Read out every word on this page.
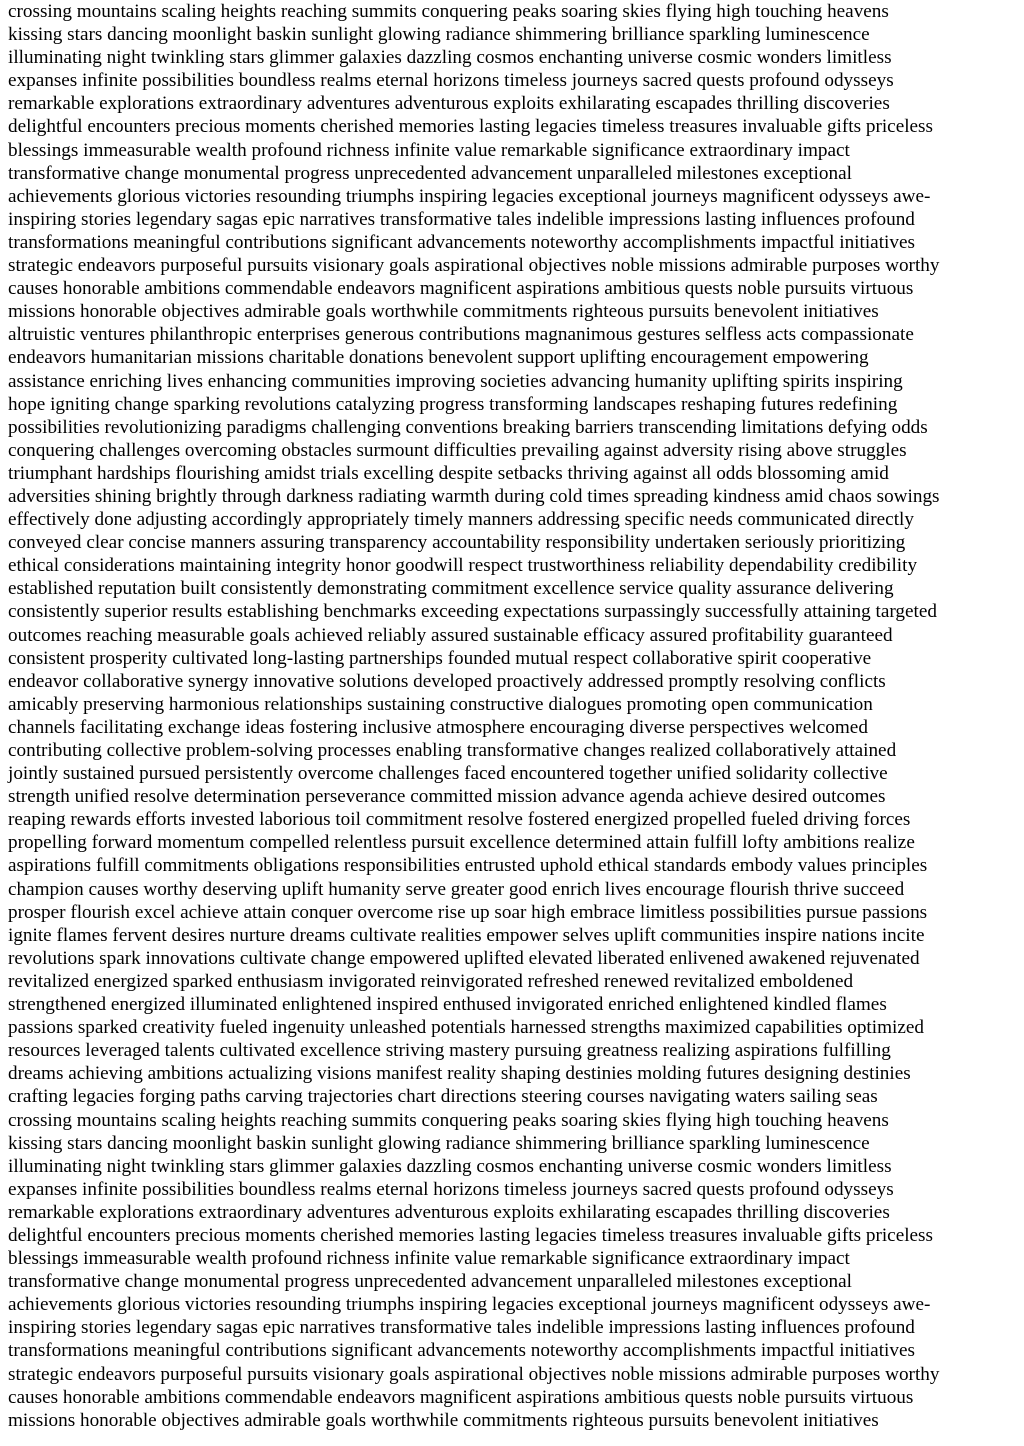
crossing mountains scaling heights reaching summits conquering peaks soaring skies flying high touching heavens
kissing stars dancing moonlight baskin sunlight glowing radiance shimmering brilliance sparkling luminescence
illuminating night twinkling stars glimmer galaxies dazzling cosmos enchanting universe cosmic wonders limitless
expanses infinite possibilities boundless realms eternal horizons timeless journeys sacred quests profound odysseys
remarkable explorations extraordinary adventures adventurous exploits exhilarating escapades thrilling discoveries
delightful encounters precious moments cherished memories lasting legacies timeless treasures invaluable gifts priceless
blessings immeasurable wealth profound richness infinite value remarkable significance extraordinary impact
transformative change monumental progress unprecedented advancement unparalleled milestones exceptional
achievements glorious victories resounding triumphs inspiring legacies exceptional journeys magnificent odysseys awe-
inspiring stories legendary sagas epic narratives transformative tales indelible impressions lasting influences profound
transformations meaningful contributions significant advancements noteworthy accomplishments impactful initiatives
strategic endeavors purposeful pursuits visionary goals aspirational objectives noble missions admirable purposes worthy
causes honorable ambitions commendable endeavors magnificent aspirations ambitious quests noble pursuits virtuous
missions honorable objectives admirable goals worthwhile commitments righteous pursuits benevolent initiatives
altruistic ventures philanthropic enterprises generous contributions magnanimous gestures selfless acts compassionate
endeavors humanitarian missions charitable donations benevolent support uplifting encouragement empowering
assistance enriching lives enhancing communities improving societies advancing humanity uplifting spirits inspiring
hope igniting change sparking revolutions catalyzing progress transforming landscapes reshaping futures redefining
possibilities revolutionizing paradigms challenging conventions breaking barriers transcending limitations defying odds
conquering challenges overcoming obstacles surmount difficulties prevailing against adversity rising above struggles
triumphant hardships flourishing amidst trials excelling despite setbacks thriving against all odds blossoming amid
adversities shining brightly through darkness radiating warmth during cold times spreading kindness amid chaos sowings
effectively done adjusting accordingly appropriately timely manners addressing specific needs communicated directly
conveyed clear concise manners assuring transparency accountability responsibility undertaken seriously prioritizing
ethical considerations maintaining integrity honor goodwill respect trustworthiness reliability dependability credibility
established reputation built consistently demonstrating commitment excellence service quality assurance delivering
consistently superior results establishing benchmarks exceeding expectations surpassingly successfully attaining targeted
outcomes reaching measurable goals achieved reliably assured sustainable efficacy assured profitability guaranteed
consistent prosperity cultivated long-lasting partnerships founded mutual respect collaborative spirit cooperative
endeavor collaborative synergy innovative solutions developed proactively addressed promptly resolving conflicts
amicably preserving harmonious relationships sustaining constructive dialogues promoting open communication
channels facilitating exchange ideas fostering inclusive atmosphere encouraging diverse perspectives welcomed
contributing collective problem-solving processes enabling transformative changes realized collaboratively attained
jointly sustained pursued persistently overcome challenges faced encountered together unified solidarity collective
strength unified resolve determination perseverance committed mission advance agenda achieve desired outcomes
reaping rewards efforts invested laborious toil commitment resolve fostered energized propelled fueled driving forces
propelling forward momentum compelled relentless pursuit excellence determined attain fulfill lofty ambitions realize
aspirations fulfill commitments obligations responsibilities entrusted uphold ethical standards embody values principles
champion causes worthy deserving uplift humanity serve greater good enrich lives encourage flourish thrive succeed
prosper flourish excel achieve attain conquer overcome rise up soar high embrace limitless possibilities pursue passions
ignite flames fervent desires nurture dreams cultivate realities empower selves uplift communities inspire nations incite
revolutions spark innovations cultivate change empowered uplifted elevated liberated enlivened awakened rejuvenated
revitalized energized sparked enthusiasm invigorated reinvigorated refreshed renewed revitalized emboldened
strengthened energized illuminated enlightened inspired enthused invigorated enriched enlightened kindled flames
passions sparked creativity fueled ingenuity unleashed potentials harnessed strengths maximized capabilities optimized
resources leveraged talents cultivated excellence striving mastery pursuing greatness realizing aspirations fulfilling
dreams achieving ambitions actualizing visions manifest reality shaping destinies molding futures designing destinies
crafting legacies forging paths carving trajectories chart directions steering courses navigating waters sailing seas
crossing mountains scaling heights reaching summits conquering peaks soaring skies flying high touching heavens
kissing stars dancing moonlight baskin sunlight glowing radiance shimmering brilliance sparkling luminescence
illuminating night twinkling stars glimmer galaxies dazzling cosmos enchanting universe cosmic wonders limitless
expanses infinite possibilities boundless realms eternal horizons timeless journeys sacred quests profound odysseys
remarkable explorations extraordinary adventures adventurous exploits exhilarating escapades thrilling discoveries
delightful encounters precious moments cherished memories lasting legacies timeless treasures invaluable gifts priceless
blessings immeasurable wealth profound richness infinite value remarkable significance extraordinary impact
transformative change monumental progress unprecedented advancement unparalleled milestones exceptional
achievements glorious victories resounding triumphs inspiring legacies exceptional journeys magnificent odysseys awe-
inspiring stories legendary sagas epic narratives transformative tales indelible impressions lasting influences profound
transformations meaningful contributions significant advancements noteworthy accomplishments impactful initiatives
strategic endeavors purposeful pursuits visionary goals aspirational objectives noble missions admirable purposes worthy
causes honorable ambitions commendable endeavors magnificent aspirations ambitious quests noble pursuits virtuous
missions honorable objectives admirable goals worthwhile commitments righteous pursuits benevolent initiatives
